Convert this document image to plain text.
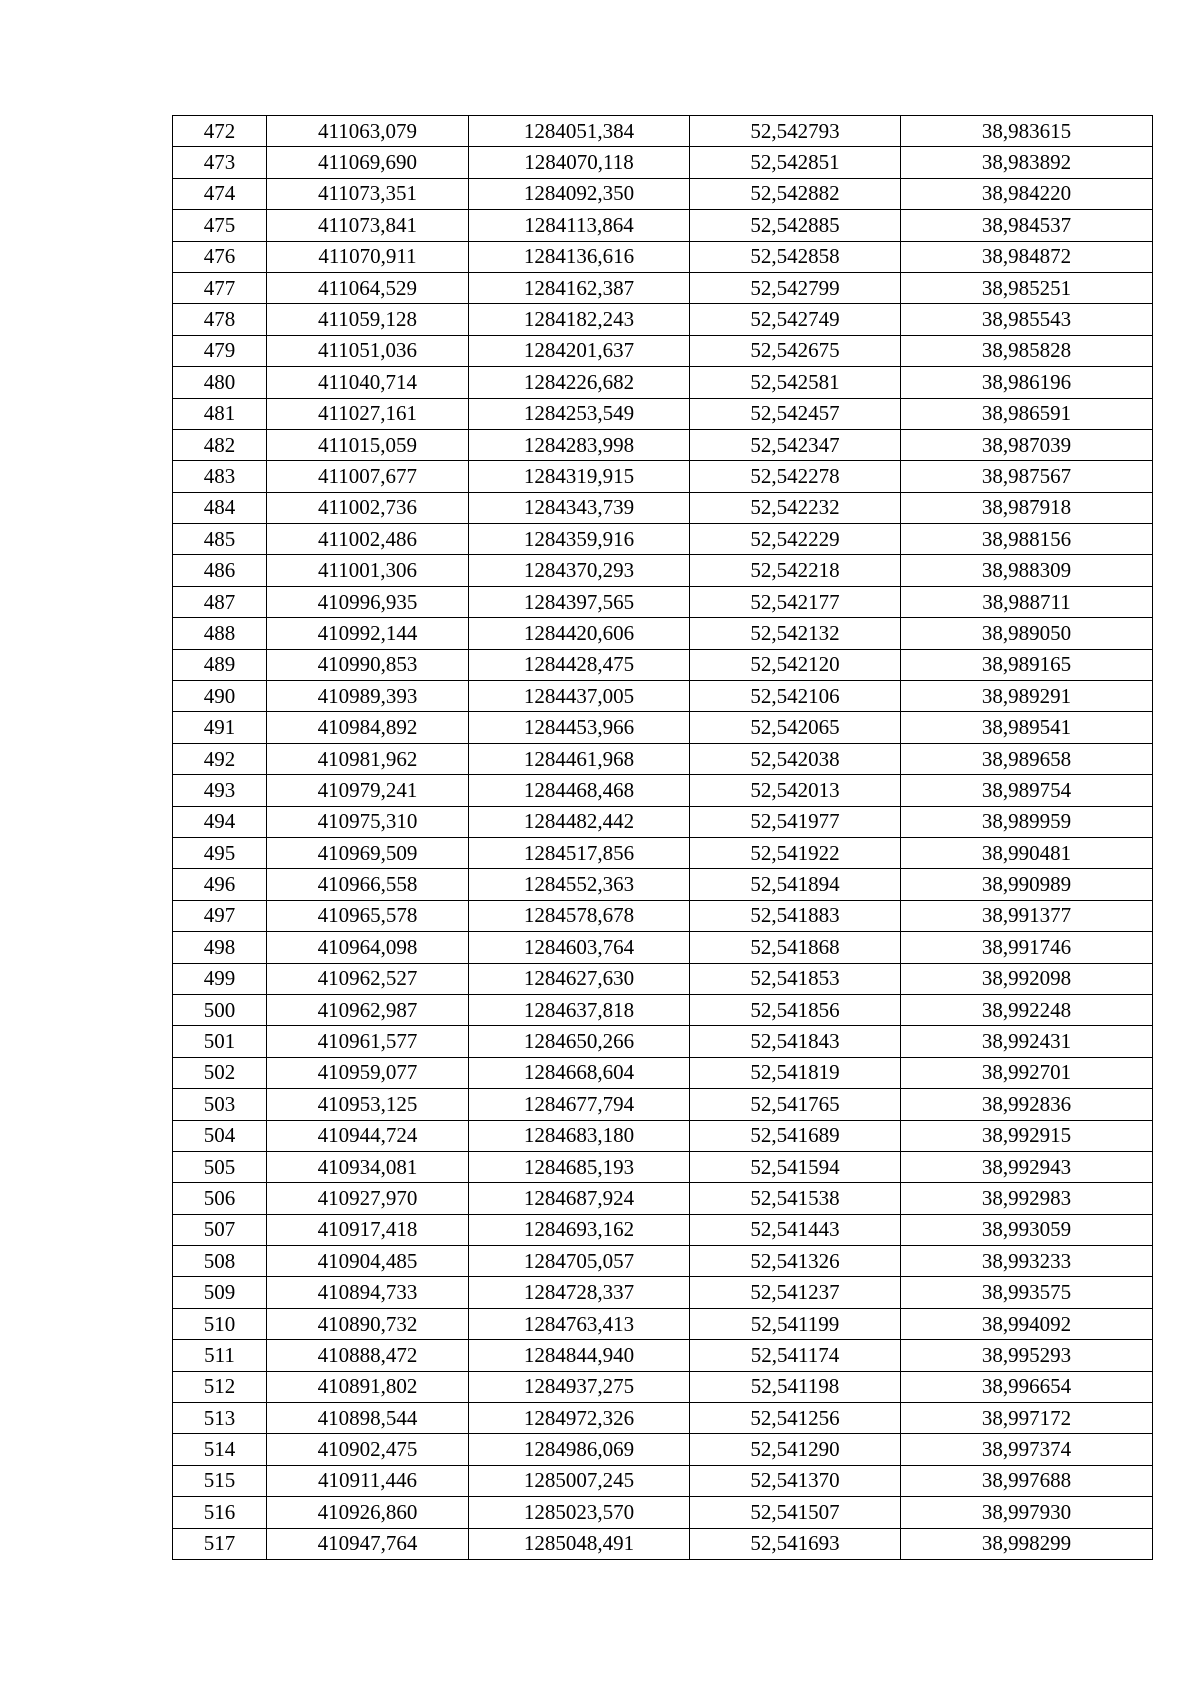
472	411063,079	1284051,384	52,542793	38,983615
473	411069,690	1284070,118	52,542851	38,983892
474	411073,351	1284092,350	52,542882	38,984220
475	411073,841	1284113,864	52,542885	38,984537
476	411070,911	1284136,616	52,542858	38,984872
477	411064,529	1284162,387	52,542799	38,985251
478	411059,128	1284182,243	52,542749	38,985543
479	411051,036	1284201,637	52,542675	38,985828
480	411040,714	1284226,682	52,542581	38,986196
481	411027,161	1284253,549	52,542457	38,986591
482	411015,059	1284283,998	52,542347	38,987039
483	411007,677	1284319,915	52,542278	38,987567
484	411002,736	1284343,739	52,542232	38,987918
485	411002,486	1284359,916	52,542229	38,988156
486	411001,306	1284370,293	52,542218	38,988309
487	410996,935	1284397,565	52,542177	38,988711
488	410992,144	1284420,606	52,542132	38,989050
489	410990,853	1284428,475	52,542120	38,989165
490	410989,393	1284437,005	52,542106	38,989291
491	410984,892	1284453,966	52,542065	38,989541
492	410981,962	1284461,968	52,542038	38,989658
493	410979,241	1284468,468	52,542013	38,989754
494	410975,310	1284482,442	52,541977	38,989959
495	410969,509	1284517,856	52,541922	38,990481
496	410966,558	1284552,363	52,541894	38,990989
497	410965,578	1284578,678	52,541883	38,991377
498	410964,098	1284603,764	52,541868	38,991746
499	410962,527	1284627,630	52,541853	38,992098
500	410962,987	1284637,818	52,541856	38,992248
501	410961,577	1284650,266	52,541843	38,992431
502	410959,077	1284668,604	52,541819	38,992701
503	410953,125	1284677,794	52,541765	38,992836
504	410944,724	1284683,180	52,541689	38,992915
505	410934,081	1284685,193	52,541594	38,992943
506	410927,970	1284687,924	52,541538	38,992983
507	410917,418	1284693,162	52,541443	38,993059
508	410904,485	1284705,057	52,541326	38,993233
509	410894,733	1284728,337	52,541237	38,993575
510	410890,732	1284763,413	52,541199	38,994092
511	410888,472	1284844,940	52,541174	38,995293
512	410891,802	1284937,275	52,541198	38,996654
513	410898,544	1284972,326	52,541256	38,997172
514	410902,475	1284986,069	52,541290	38,997374
515	410911,446	1285007,245	52,541370	38,997688
516	410926,860	1285023,570	52,541507	38,997930
517	410947,764	1285048,491	52,541693	38,998299
